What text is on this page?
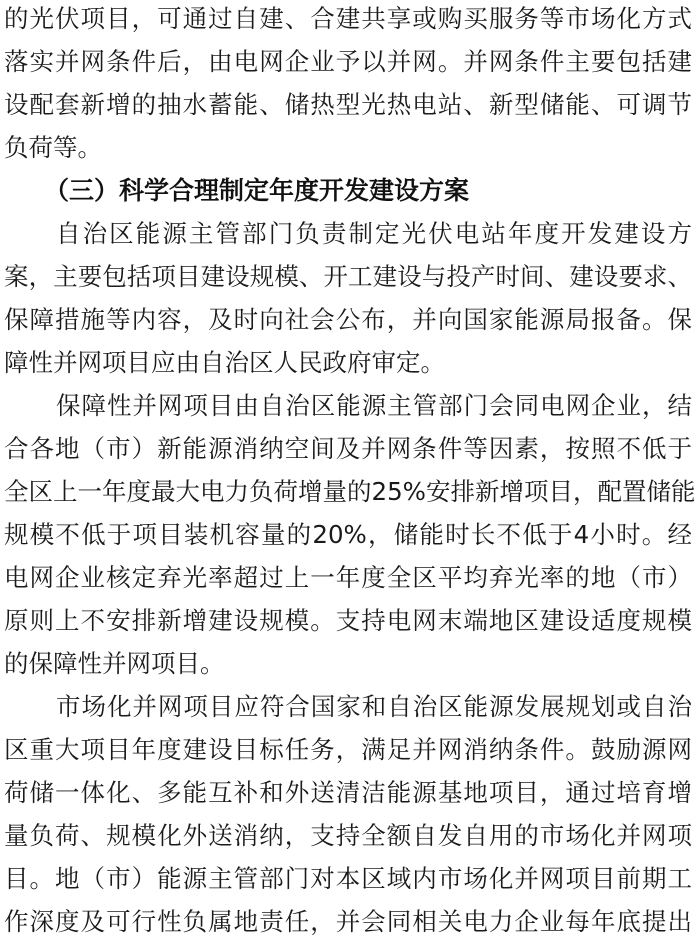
的光伏项目，可通过自建、合建共享或购买服务等市场化方式
落实并网条件后，由电网企业予以并网。并网条件主要包括建
设配套新增的抽水蓄能、储热型光热电站、新型储能、可调节
负荷等。
（三）科学合理制定年度开发建设方案
自治区能源主管部门负责制定光伏电站年度开发建设方
案，主要包括项目建设规模、开工建设与投产时间、建设要求、
保障措施等内容，及时向社会公布，并向国家能源局报备。保
障性并网项目应由自治区人民政府审定。
保障性并网项目由自治区能源主管部门会同电网企业，结
合各地（市）新能源消纳空间及并网条件等因素，按照不低于
全区上一年度最大电力负荷增量的25%安排新增项目，配置储能
规模不低于项目装机容量的20%，储能时长不低于4小时。经
电网企业核定弃光率超过上一年度全区平均弃光率的地（市）
原则上不安排新增建设规模。支持电网末端地区建设适度规模
的保障性并网项目。
市场化并网项目应符合国家和自治区能源发展规划或自治
区重大项目年度建设目标任务，满足并网消纳条件。鼓励源网
荷储一体化、多能互补和外送清洁能源基地项目，通过培育增
量负荷、规模化外送消纳，支持全额自发自用的市场化并网项
目。地（市）能源主管部门对本区域内市场化并网项目前期工
作深度及可行性负属地责任，并会同相关电力企业每年底提出
